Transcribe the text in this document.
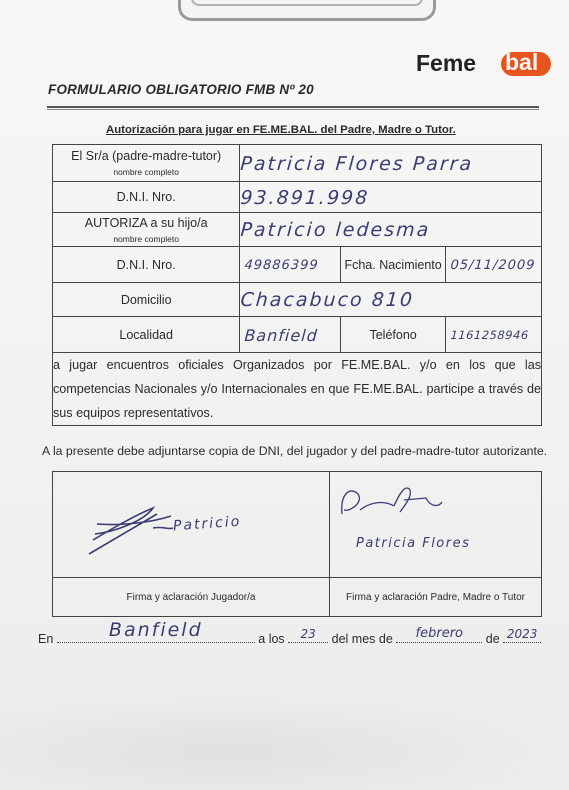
Feme bal
FORMULARIO OBLIGATORIO FMB Nº 20
Autorización para jugar en FE.ME.BAL. del Padre, Madre o Tutor.
El Sr/a (padre-madre-tutor)
nombre completo	Patricia Flores Parra		
D.N.I. Nro.	93.891.998		
AUTORIZA a su hijo/a
nombre completo	Patricio ledesma		
D.N.I. Nro.	49886399	Fcha. Nacimiento	05/11/2009
Domicilio	Chacabuco 810		
Localidad	Banfield	Teléfono	1161258946
a jugar encuentros oficiales Organizados por FE.ME.BAL. y/o en los que las competencias Nacionales y/o Internacionales en que FE.ME.BAL. participe a través de sus equipos representativos.			
A la presente debe adjuntarse copia de DNI, del jugador y del padre-madre-tutor autorizante.
Patricio	Patricia Flores

Firma y aclaración Jugador/a	Firma y aclaración Padre, Madre o Tutor
En	Banfield	a los	23	del mes de	febrero	de 2023
